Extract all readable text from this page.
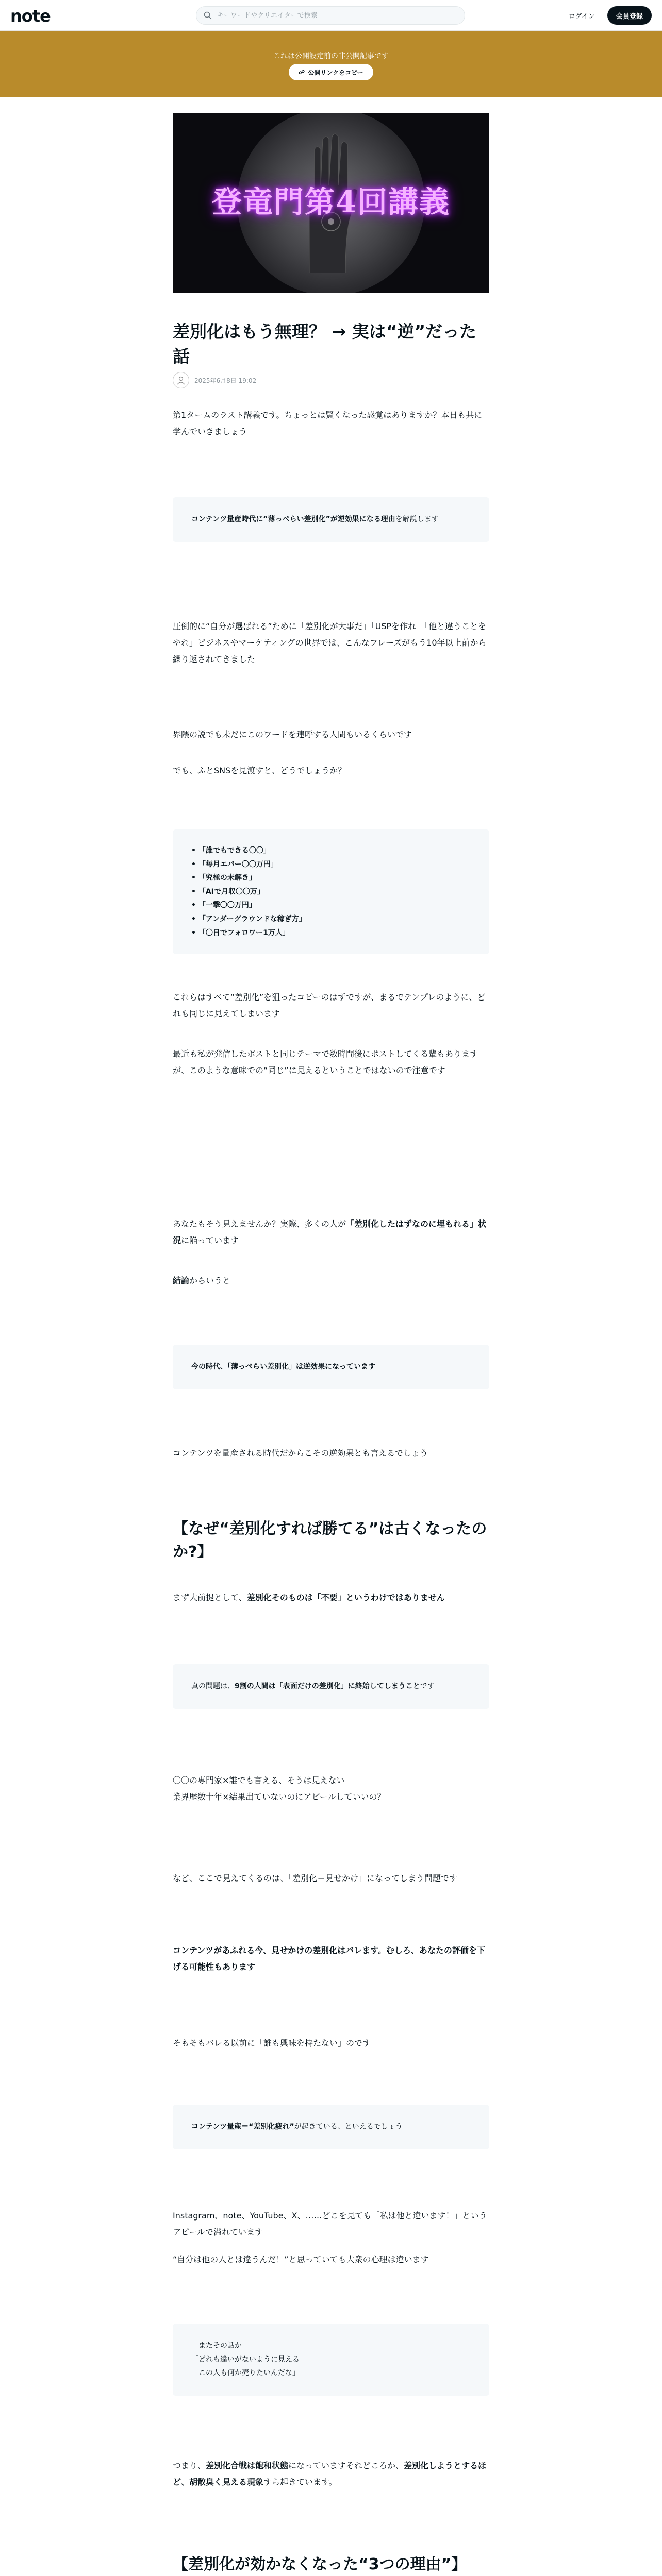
note
キーワードやクリエイターで検索	ログイン	会員登録
これは公開設定前の非公開記事です
公開リンクをコピー
登竜門第4回講義
差別化はもう無理？ → 実は“逆”だった話
2025年6月8日 19:02

第1タームのラスト講義です。ちょっとは賢くなった感覚はありますか？本日も共に学んでいきましょう

コンテンツ量産時代に“薄っぺらい差別化”が逆効果になる理由を解説します

圧倒的に“自分が選ばれる”ために「差別化が大事だ」「USPを作れ」「他と違うことをやれ」ビジネスやマーケティングの世界では、こんなフレーズがもう10年以上前から繰り返されてきました

界隈の説でも未だにこのワードを連呼する人間もいるくらいです

でも、ふとSNSを見渡すと、どうでしょうか？

• 「誰でもできる〇〇」
• 「毎月エバー〇〇万円」
• 「究極の未解き」
• 「AIで月収〇〇万」
• 「一撃〇〇万円」
• 「アンダーグラウンドな稼ぎ方」
• 「〇日でフォロワー1万人」

これらはすべて“差別化”を狙ったコピーのはずですが、まるでテンプレのように、どれも同じに見えてしまいます

最近も私が発信したポストと同じテーマで数時間後にポストしてくる輩もありますが、このような意味での“同じ”に見えるということではないので注意です

あなたもそう見えませんか？実際、多くの人が「差別化したはずなのに埋もれる」状況に陥っています

結論からいうと

今の時代、「薄っぺらい差別化」は逆効果になっています

コンテンツを量産される時代だからこその逆効果とも言えるでしょう

【なぜ“差別化すれば勝てる”は古くなったのか?】

まず大前提として、差別化そのものは「不要」というわけではありません

真の問題は、9割の人間は「表面だけの差別化」に終始してしまうことです

〇〇の専門家×誰でも言える、そうは見えない

業界歴数十年×結果出ていないのにアピールしていいの？

など、ここで見えてくるのは、「差別化＝見せかけ」になってしまう問題です

コンテンツがあふれる今、見せかけの差別化はバレます。むしろ、あなたの評価を下げる可能性もあります

そもそもバレる以前に「誰も興味を持たない」のです

コンテンツ量産＝“差別化疲れ”が起きている、といえるでしょう

Instagram、note、YouTube、X、……どこを見ても「私は他と違います！」というアピールで溢れています

“自分は他の人とは違うんだ！”と思っていても大衆の心理は違います

「またその話か」
「どれも違いがないように見える」
「この人も何か売りたいんだな」

つまり、差別化合戦は飽和状態になっていますそれどころか、差別化しようとするほど、胡散臭く見える現象すら起きています。

【差別化が効かなくなった“3つの理由”】
